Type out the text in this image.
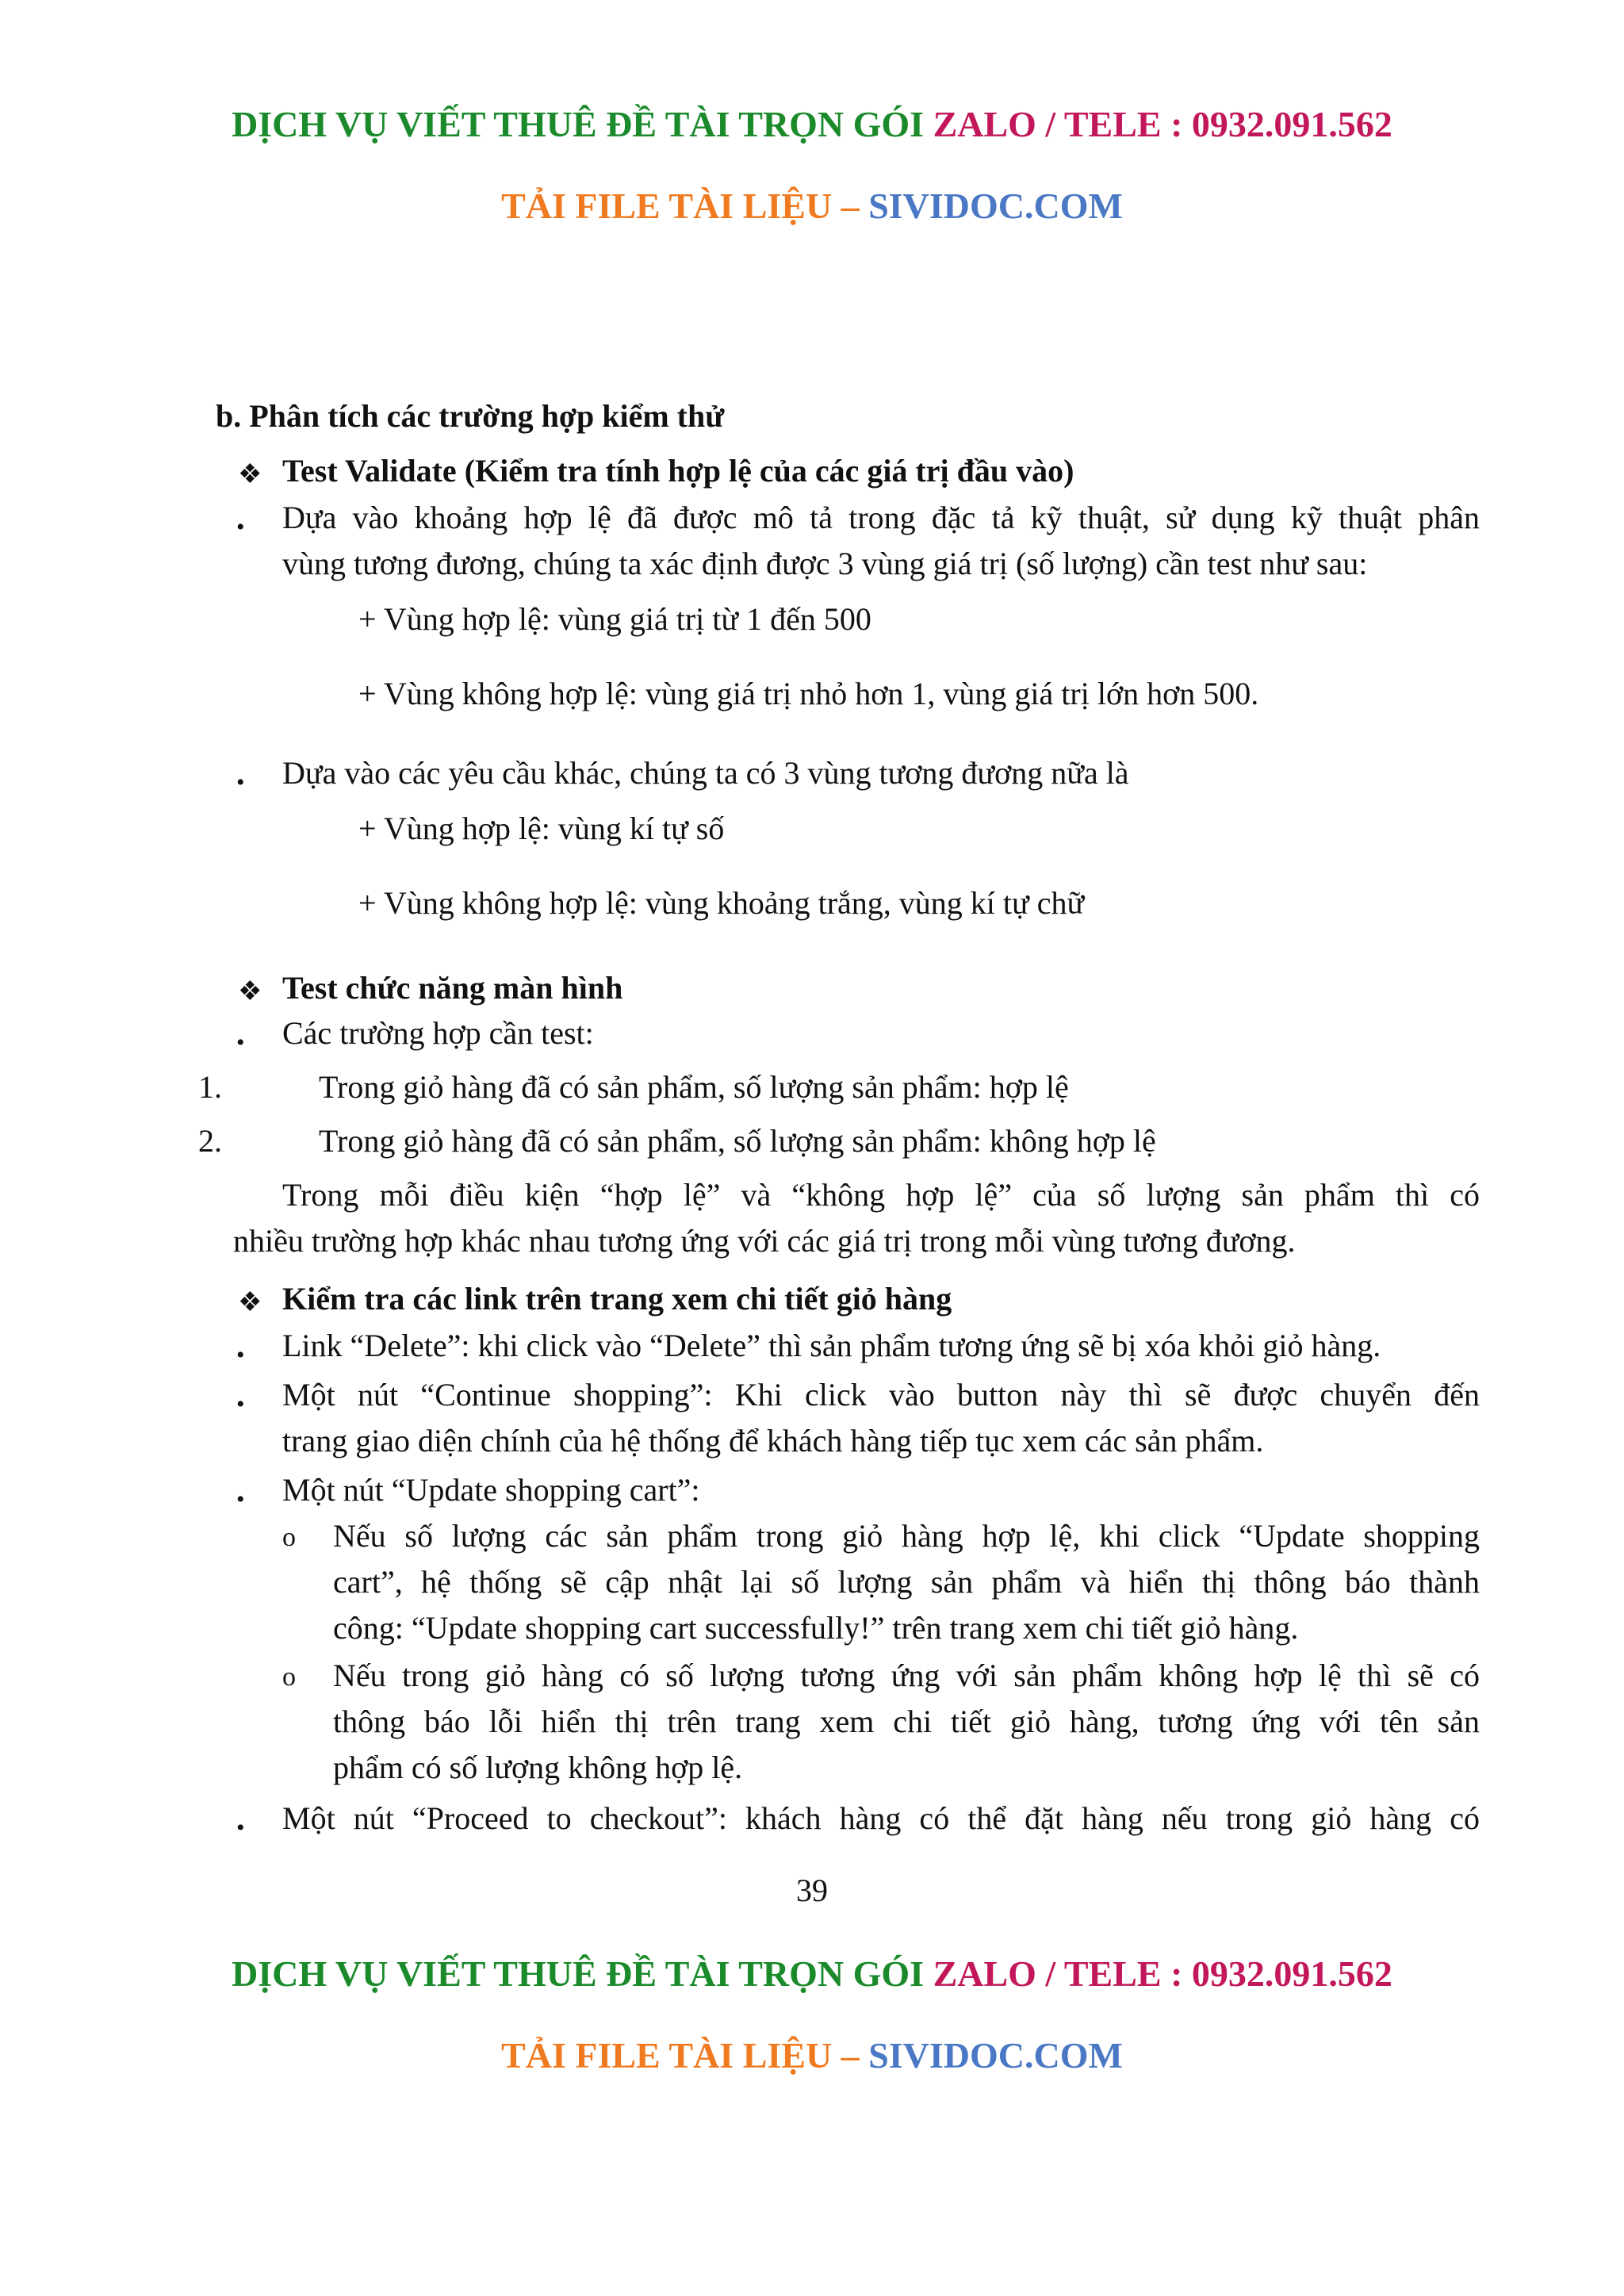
DỊCH VỤ VIẾT THUÊ ĐỀ TÀI TRỌN GÓI ZALO / TELE : 0932.091.562
TẢI FILE TÀI LIỆU – SIVIDOC.COM
b. Phân tích các trường hợp kiểm thử
❖ Test Validate (Kiểm tra tính hợp lệ của các giá trị đầu vào)
• Dựa vào khoảng hợp lệ đã được mô tả trong đặc tả kỹ thuật, sử dụng kỹ thuật phân
vùng tương đương, chúng ta xác định được 3 vùng giá trị (số lượng) cần test như sau:
+ Vùng hợp lệ: vùng giá trị từ 1 đến 500
+ Vùng không hợp lệ: vùng giá trị nhỏ hơn 1, vùng giá trị lớn hơn 500.
• Dựa vào các yêu cầu khác, chúng ta có 3 vùng tương đương nữa là
+ Vùng hợp lệ: vùng kí tự số
+ Vùng không hợp lệ: vùng khoảng trắng, vùng kí tự chữ
❖ Test chức năng màn hình
• Các trường hợp cần test:
1.	Trong giỏ hàng đã có sản phẩm, số lượng sản phẩm: hợp lệ
2.	Trong giỏ hàng đã có sản phẩm, số lượng sản phẩm: không hợp lệ
Trong mỗi điều kiện “hợp lệ” và “không hợp lệ” của số lượng sản phẩm thì có
nhiều trường hợp khác nhau tương ứng với các giá trị trong mỗi vùng tương đương.
❖ Kiểm tra các link trên trang xem chi tiết giỏ hàng
• Link “Delete”: khi click vào “Delete” thì sản phẩm tương ứng sẽ bị xóa khỏi giỏ hàng.
• Một nút “Continue shopping”: Khi click vào button này thì sẽ được chuyển đến
trang giao diện chính của hệ thống để khách hàng tiếp tục xem các sản phẩm.
• Một nút “Update shopping cart”:
o Nếu số lượng các sản phẩm trong giỏ hàng hợp lệ, khi click “Update shopping
cart”, hệ thống sẽ cập nhật lại số lượng sản phẩm và hiển thị thông báo thành
công: “Update shopping cart successfully!” trên trang xem chi tiết giỏ hàng.
o Nếu trong giỏ hàng có số lượng tương ứng với sản phẩm không hợp lệ thì sẽ có
thông báo lỗi hiển thị trên trang xem chi tiết giỏ hàng, tương ứng với tên sản
phẩm có số lượng không hợp lệ.
• Một nút “Proceed to checkout”: khách hàng có thể đặt hàng nếu trong giỏ hàng có
39
DỊCH VỤ VIẾT THUÊ ĐỀ TÀI TRỌN GÓI ZALO / TELE : 0932.091.562
TẢI FILE TÀI LIỆU – SIVIDOC.COM
